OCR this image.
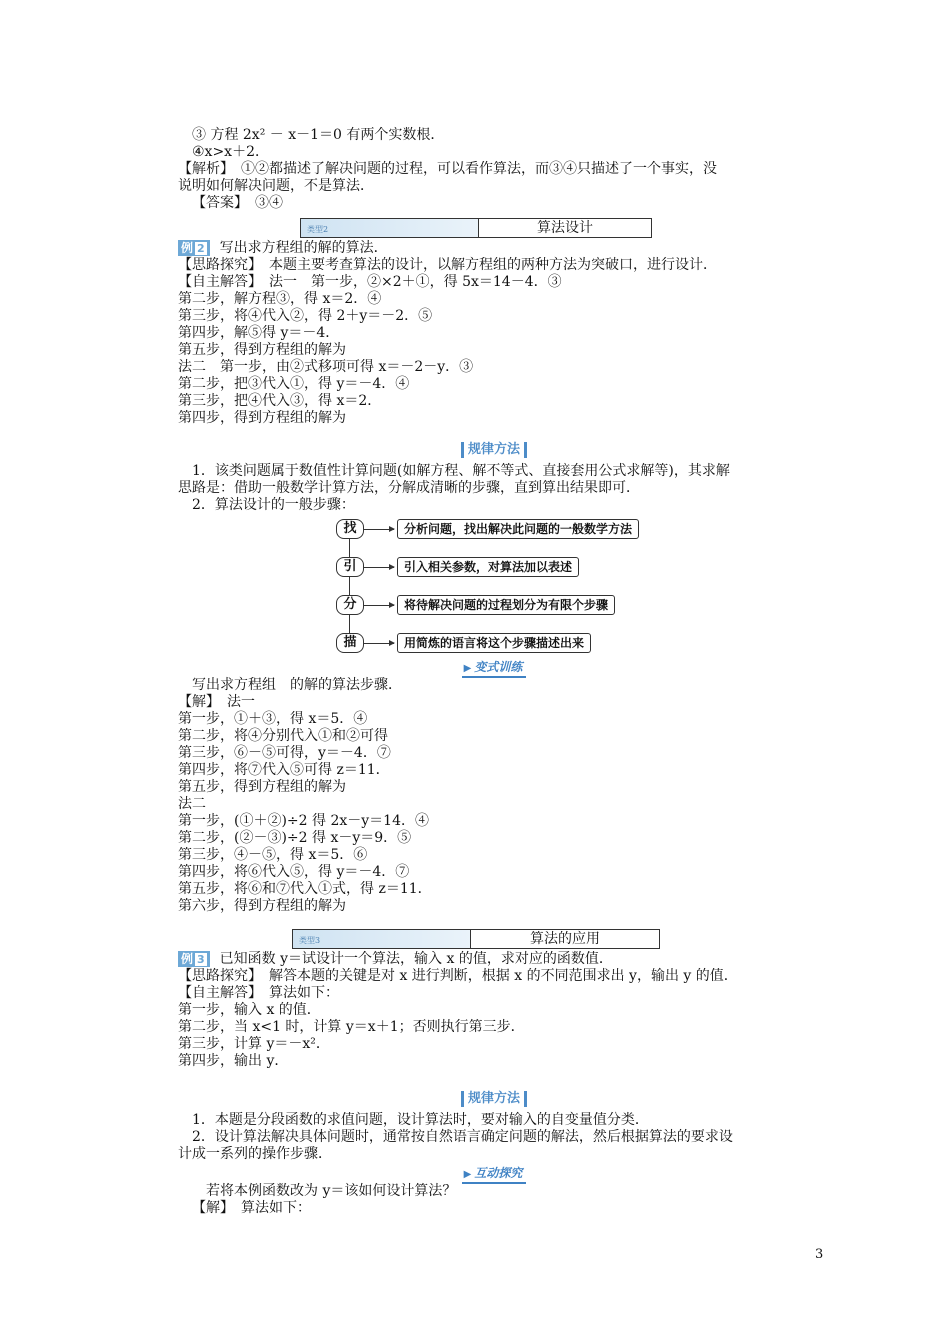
③ 方程 2x² － x－1＝0 有两个实数根．
④x>x＋2．
【解析】　①②都描述了解决问题的过程，可以看作算法，而③④只描述了一个事实，没
说明如何解决问题，不是算法．
【答案】　③④
类型2	算法设计
例 2 写出求方程组的解的算法．
【思路探究】　本题主要考查算法的设计，以解方程组的两种方法为突破口，进行设计．
【自主解答】　法一　第一步，②×2＋①，得 5x＝14－4．③
第二步，解方程③，得 x＝2．④
第三步，将④代入②，得 2＋y＝－2．⑤
第四步，解⑤得 y＝－4．
第五步，得到方程组的解为
法二　第一步，由②式移项可得 x＝－2－y．③
第二步，把③代入①，得 y＝－4．④
第三步，把④代入③，得 x＝2．
第四步，得到方程组的解为
规律方法
1．该类问题属于数值性计算问题(如解方程、解不等式、直接套用公式求解等)，其求解
思路是：借助一般数学计算方法，分解成清晰的步骤，直到算出结果即可．
2．算法设计的一般步骤：
找	分析问题，找出解决此问题的一般数学方法
引	引入相关参数，对算法加以表述
分	将待解决问题的过程划分为有限个步骤
描	用简炼的语言将这个步骤描述出来
▶ 变式训练
写出求方程组　的解的算法步骤．
【解】　法一
第一步，①＋③，得 x＝5．④
第二步，将④分别代入①和②可得
第三步，⑥－⑤可得，y＝－4．⑦
第四步，将⑦代入⑤可得 z＝11．
第五步，得到方程组的解为
法二
第一步，(①＋②)÷2 得 2x－y＝14．④
第二步，(②－③)÷2 得 x－y＝9．⑤
第三步，④－⑤，得 x＝5．⑥
第四步，将⑥代入⑤，得 y＝－4．⑦
第五步，将⑥和⑦代入①式，得 z＝11．
第六步，得到方程组的解为
类型3	算法的应用
例 3 已知函数 y＝试设计一个算法，输入 x 的值，求对应的函数值．
【思路探究】　解答本题的关键是对 x 进行判断，根据 x 的不同范围求出 y，输出 y 的值．
【自主解答】　算法如下：
第一步，输入 x 的值．
第二步，当 x<1 时，计算 y＝x＋1；否则执行第三步．
第三步，计算 y＝－x²．
第四步，输出 y．
规律方法
1．本题是分段函数的求值问题，设计算法时，要对输入的自变量值分类．
2．设计算法解决具体问题时，通常按自然语言确定问题的解法，然后根据算法的要求设
计成一系列的操作步骤．
▶ 互动探究
若将本例函数改为 y＝该如何设计算法？
【解】　算法如下：
3
